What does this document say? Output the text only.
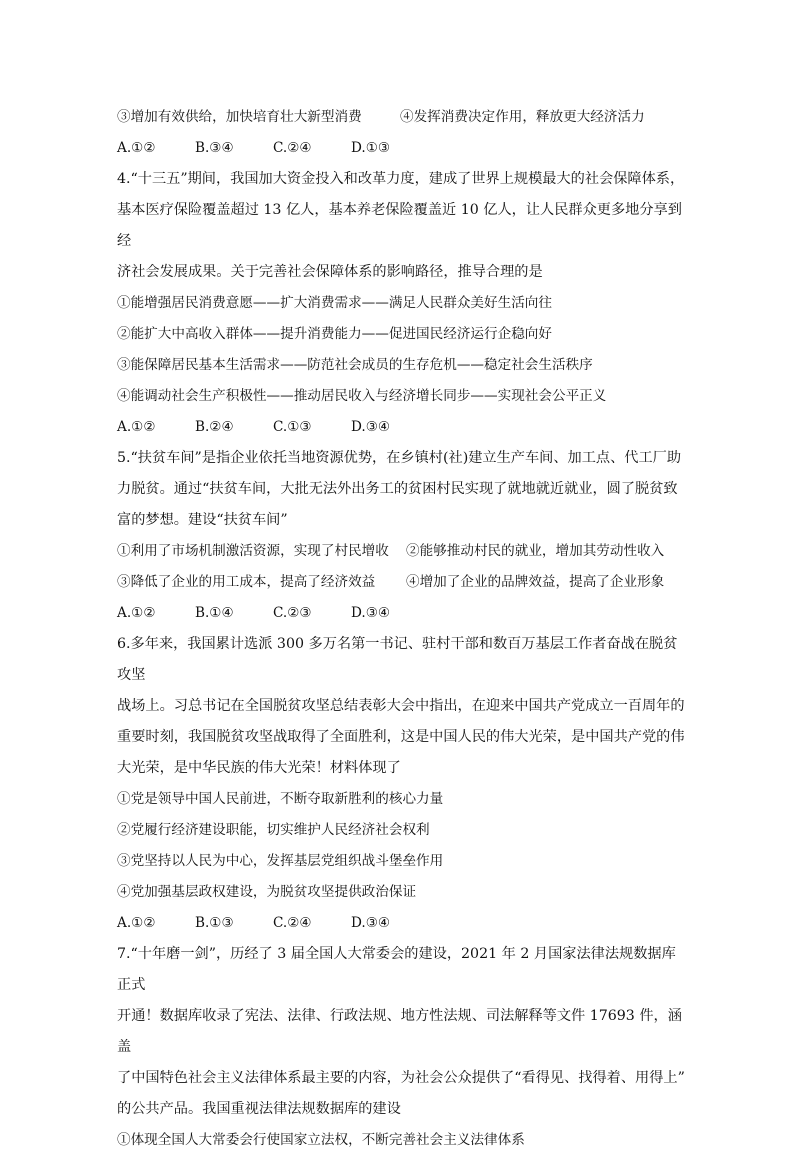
③增加有效供给，加快培育壮大新型消费	④发挥消费决定作用，释放更大经济活力
A.①②	B.③④	C.②④	D.①③
4.“十三五”期间，我国加大资金投入和改革力度，建成了世界上规模最大的社会保障体系，
基本医疗保险覆盖超过 13 亿人，基本养老保险覆盖近 10 亿人，让人民群众更多地分享到经
济社会发展成果。关于完善社会保障体系的影响路径，推导合理的是
①能增强居民消费意愿——扩大消费需求——满足人民群众美好生活向往
②能扩大中高收入群体——提升消费能力——促进国民经济运行企稳向好
③能保障居民基本生活需求——防范社会成员的生存危机——稳定社会生活秩序
④能调动社会生产积极性——推动居民收入与经济增长同步——实现社会公平正义
A.①②	B.②④	C.①③	D.③④
5.“扶贫车间”是指企业依托当地资源优势，在乡镇村(社)建立生产车间、加工点、代工厂助
力脱贫。通过“扶贫车间，大批无法外出务工的贫困村民实现了就地就近就业，圆了脱贫致
富的梦想。建设“扶贫车间”
①利用了市场机制激活资源，实现了村民增收	②能够推动村民的就业，增加其劳动性收入
③降低了企业的用工成本，提高了经济效益	④增加了企业的品牌效益，提高了企业形象
A.①②	B.①④	C.②③	D.③④
6.多年来，我国累计选派 300 多万名第一书记、驻村干部和数百万基层工作者奋战在脱贫攻坚
战场上。习总书记在全国脱贫攻坚总结表彰大会中指出，在迎来中国共产党成立一百周年的
重要时刻，我国脱贫攻坚战取得了全面胜利，这是中国人民的伟大光荣，是中国共产党的伟
大光荣，是中华民族的伟大光荣！材料体现了
①党是领导中国人民前进，不断夺取新胜利的核心力量
②党履行经济建设职能，切实维护人民经济社会权利
③党坚持以人民为中心，发挥基层党组织战斗堡垒作用
④党加强基层政权建设，为脱贫攻坚提供政治保证
A.①②	B.①③	C.②④	D.③④
7.“十年磨一剑”，历经了 3 届全国人大常委会的建设，2021 年 2 月国家法律法规数据库正式
开通！数据库收录了宪法、法律、行政法规、地方性法规、司法解释等文件 17693 件，涵盖
了中国特色社会主义法律体系最主要的内容，为社会公众提供了“看得见、找得着、用得上”
的公共产品。我国重视法律法规数据库的建设
①体现全国人大常委会行使国家立法权，不断完善社会主义法律体系
